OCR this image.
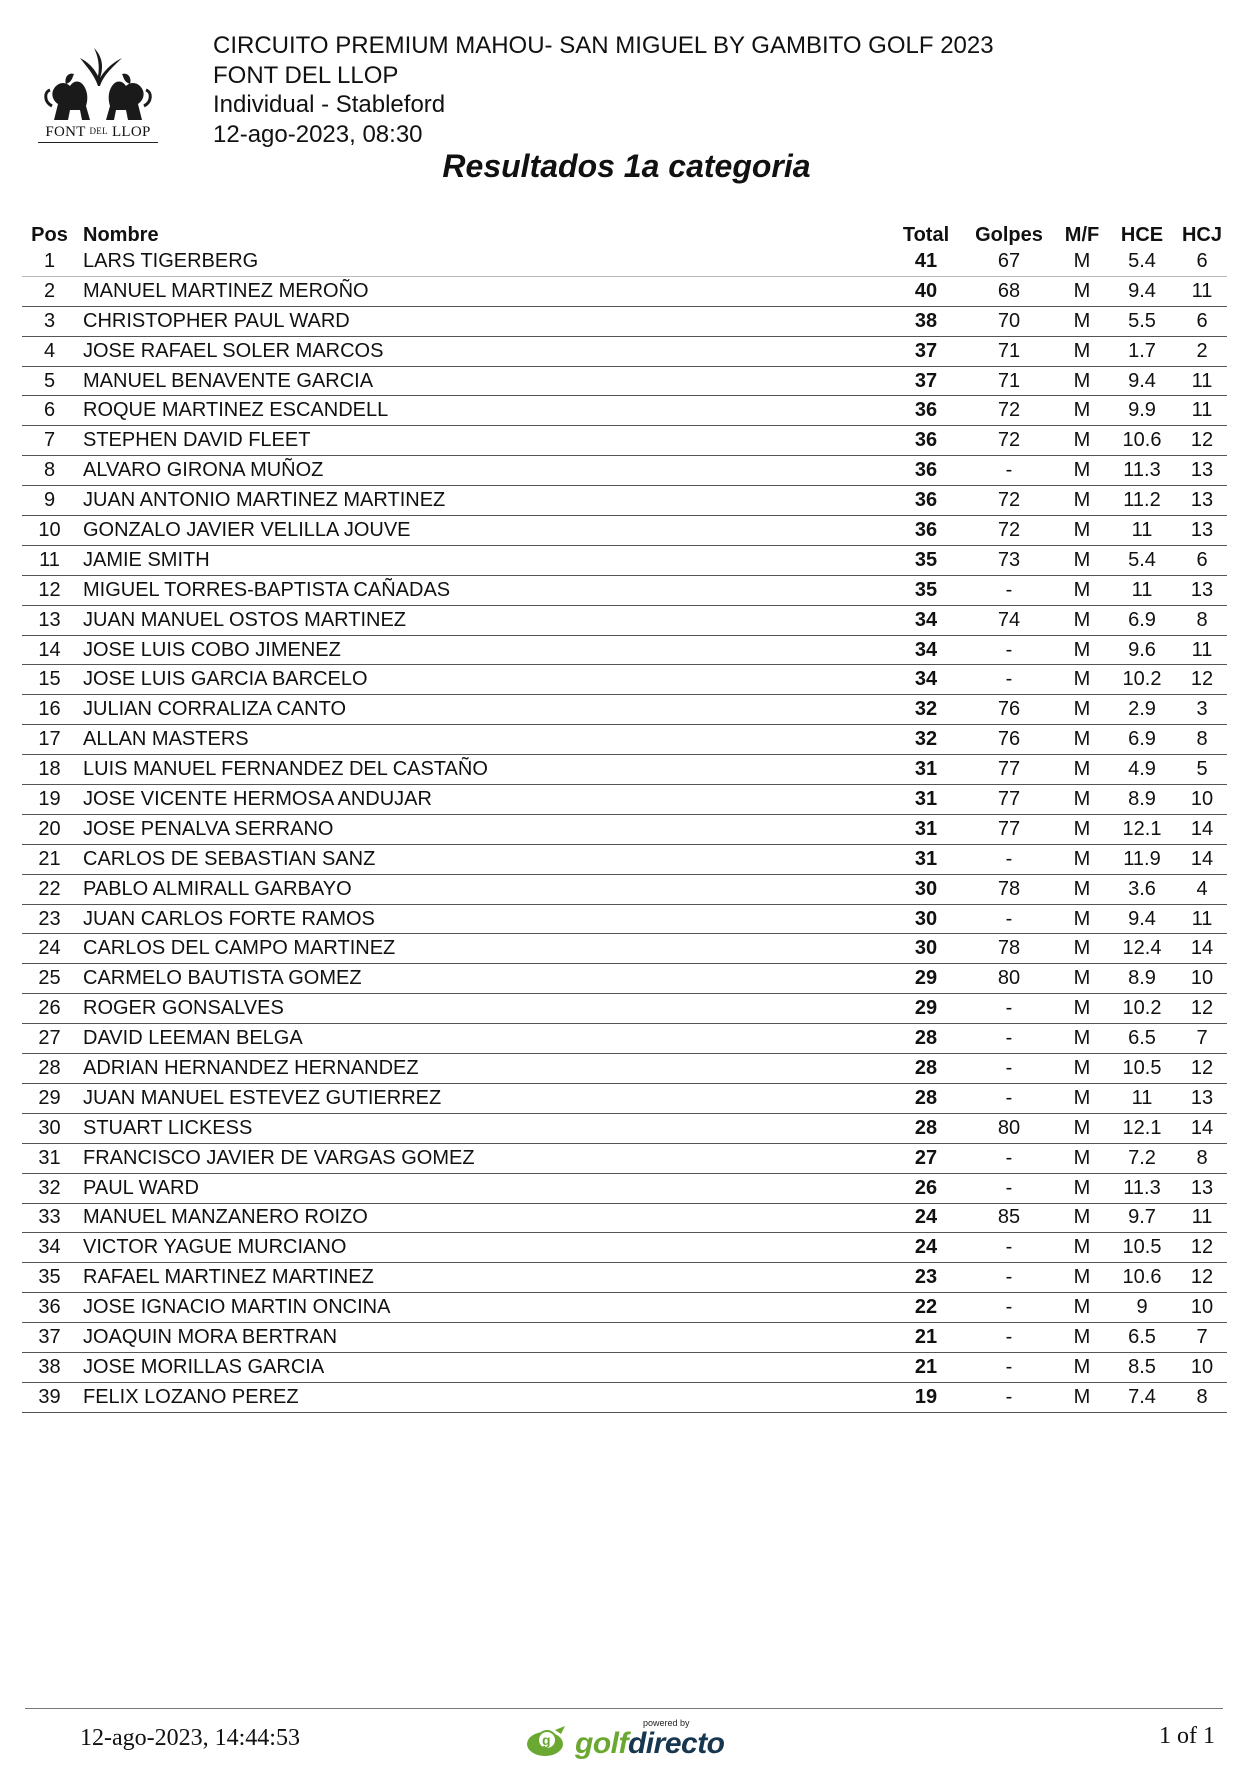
FONT DEL LLOP
CIRCUITO PREMIUM MAHOU- SAN MIGUEL BY GAMBITO GOLF 2023
FONT DEL LLOP
Individual - Stableford
12-ago-2023, 08:30
Resultados 1a categoria
Pos	Nombre	Total	Golpes	M/F	HCE	HCJ
1	LARS TIGERBERG	41	67	M	5.4	6
2	MANUEL MARTINEZ MEROÑO	40	68	M	9.4	11
3	CHRISTOPHER PAUL WARD	38	70	M	5.5	6
4	JOSE RAFAEL SOLER MARCOS	37	71	M	1.7	2
5	MANUEL BENAVENTE GARCIA	37	71	M	9.4	11
6	ROQUE MARTINEZ ESCANDELL	36	72	M	9.9	11
7	STEPHEN DAVID FLEET	36	72	M	10.6	12
8	ALVARO GIRONA MUÑOZ	36	-	M	11.3	13
9	JUAN ANTONIO MARTINEZ MARTINEZ	36	72	M	11.2	13
10	GONZALO JAVIER VELILLA JOUVE	36	72	M	11	13
11	JAMIE SMITH	35	73	M	5.4	6
12	MIGUEL TORRES-BAPTISTA CAÑADAS	35	-	M	11	13
13	JUAN MANUEL OSTOS MARTINEZ	34	74	M	6.9	8
14	JOSE LUIS COBO JIMENEZ	34	-	M	9.6	11
15	JOSE LUIS GARCIA BARCELO	34	-	M	10.2	12
16	JULIAN CORRALIZA CANTO	32	76	M	2.9	3
17	ALLAN MASTERS	32	76	M	6.9	8
18	LUIS MANUEL FERNANDEZ DEL CASTAÑO	31	77	M	4.9	5
19	JOSE VICENTE HERMOSA ANDUJAR	31	77	M	8.9	10
20	JOSE PENALVA SERRANO	31	77	M	12.1	14
21	CARLOS DE SEBASTIAN SANZ	31	-	M	11.9	14
22	PABLO ALMIRALL GARBAYO	30	78	M	3.6	4
23	JUAN CARLOS FORTE RAMOS	30	-	M	9.4	11
24	CARLOS DEL CAMPO MARTINEZ	30	78	M	12.4	14
25	CARMELO BAUTISTA GOMEZ	29	80	M	8.9	10
26	ROGER GONSALVES	29	-	M	10.2	12
27	DAVID LEEMAN BELGA	28	-	M	6.5	7
28	ADRIAN HERNANDEZ HERNANDEZ	28	-	M	10.5	12
29	JUAN MANUEL ESTEVEZ GUTIERREZ	28	-	M	11	13
30	STUART LICKESS	28	80	M	12.1	14
31	FRANCISCO JAVIER DE VARGAS GOMEZ	27	-	M	7.2	8
32	PAUL WARD	26	-	M	11.3	13
33	MANUEL MANZANERO ROIZO	24	85	M	9.7	11
34	VICTOR YAGUE MURCIANO	24	-	M	10.5	12
35	RAFAEL MARTINEZ MARTINEZ	23	-	M	10.6	12
36	JOSE IGNACIO MARTIN ONCINA	22	-	M	9	10
37	JOAQUIN MORA BERTRAN	21	-	M	6.5	7
38	JOSE MORILLAS GARCIA	21	-	M	8.5	10
39	FELIX LOZANO PEREZ	19	-	M	7.4	8
12-ago-2023, 14:44:53	g
powered by
golfdirecto	1 of 1
